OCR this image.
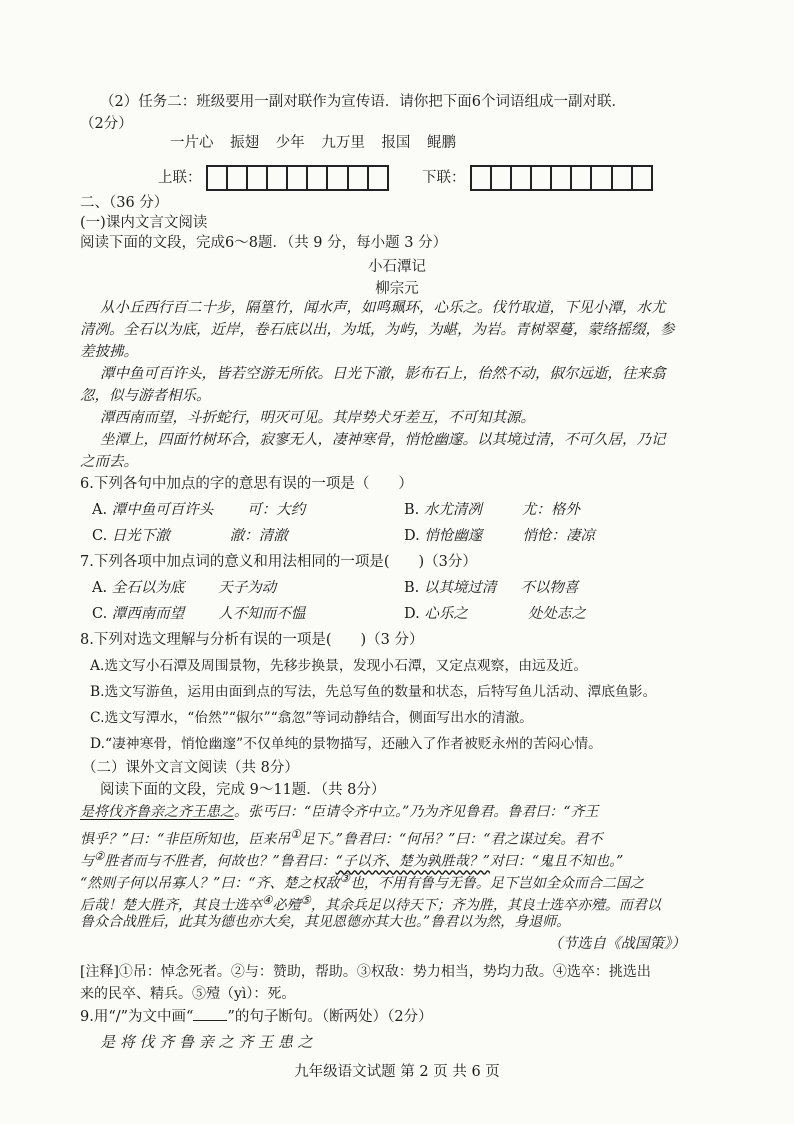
（2）任务二：班级要用一副对联作为宣传语．请你把下面6个词语组成一副对联．
（2分）
一片心 振翅 少年 九万里 报国 鲲鹏
上联：	下联：
二、（36 分）
(一)课内文言文阅读
阅读下面的文段，完成6～8题．（共 9 分，每小题 3 分）
小石潭记
柳宗元
从小丘西行百二十步，隔篁竹，闻水声，如鸣珮环，心乐之。伐竹取道，下见小潭，水尤
清冽。全石以为底，近岸，卷石底以出，为坻，为屿，为嵁，为岩。青树翠蔓，蒙络摇缀，参
差披拂。
潭中鱼可百许头，皆若空游无所依。日光下澈，影布石上，佁然不动，俶尔远逝，往来翕
忽，似与游者相乐。
潭西南而望，斗折蛇行，明灭可见。其岸势犬牙差互，不可知其源。
坐潭上，四面竹树环合，寂寥无人，凄神寒骨，悄怆幽邃。以其境过清，不可久居，乃记
之而去。
6.下列各句中加点的字的意思有误的一项是（　　）
A. 潭中鱼可百许头 可：大约	B. 水尤清冽	尤：格外
C. 日光下澈	澈：清澈	D. 悄怆幽邃	悄怆：凄凉
7.下列各项中加点词的意义和用法相同的一项是(　　)（3分）
A. 全石以为底 天子为动	B. 以其境过清 不以物喜
C. 潭西南而望 人不知而不愠	D. 心乐之	处处志之
8.下列对选文理解与分析有误的一项是(　　)（3 分）
A.选文写小石潭及周围景物，先移步换景，发现小石潭，又定点观察，由远及近。
B.选文写游鱼，运用由面到点的写法，先总写鱼的数量和状态，后特写鱼儿活动、潭底鱼影。
C.选文写潭水，“佁然”“俶尔”“翕忽”等词动静结合，侧面写出水的清澈。
D.“凄神寒骨，悄怆幽邃”不仅单纯的景物描写，还融入了作者被贬永州的苦闷心情。
（二）课外文言文阅读（共 8分）
阅读下面的文段，完成 9～11题．（共 8分）
是将伐齐鲁亲之齐王患之。张丐曰：“臣请令齐中立。”乃为齐见鲁君。鲁君曰：“齐王
惧乎？”曰：“非臣所知也，臣来吊①足下。”鲁君曰：“何吊？”曰：“君之谋过矣。君不
与②胜者而与不胜者，何故也？”鲁君曰：“子以齐、楚为孰胜哉？”对曰：“鬼且不知也。”
“然则子何以吊寡人？”曰：“齐、楚之权敌③也，不用有鲁与无鲁。足下岂如全众而合二国之
后哉！楚大胜齐，其良士选卒④必殪⑤，其余兵足以待天下；齐为胜，其良士选卒亦殪。而君以
鲁众合战胜后，此其为德也亦大矣，其见恩德亦其大也。”鲁君以为然，身退师。
（节选自《战国策》）
[注释]①吊：悼念死者。②与：赞助，帮助。③权敌：势力相当，势均力敌。④选卒：挑选出
来的民卒、精兵。⑤殪（yì）：死。
9.用“/”为文中画“ ”的句子断句。（断两处）（2分）
是 将 伐 齐 鲁 亲 之 齐 王 患 之
九年级语文试题 第 2 页 共 6 页
